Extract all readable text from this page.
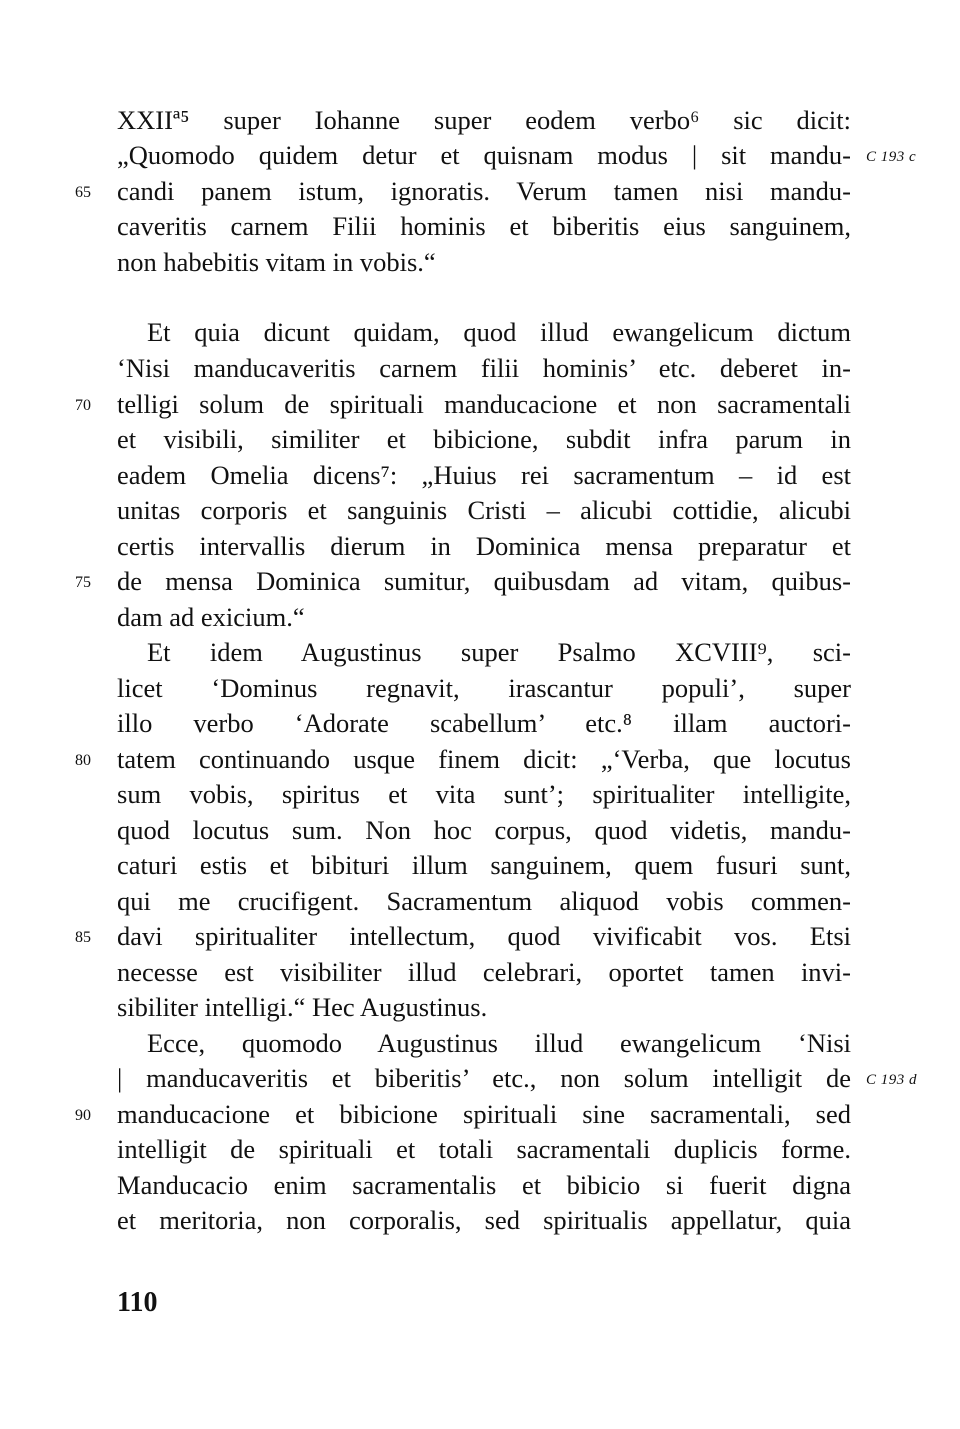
XXIIª⁵ super Iohanne super eodem verbo⁶ sic dicit:
„Quomodo quidem detur et quisnam modus | sit mandu-
candi panem istum, ignoratis. Verum tamen nisi mandu-
caveritis carnem Filii hominis et biberitis eius sanguinem,
non habebitis vitam in vobis.“
Et quia dicunt quidam, quod illud ewangelicum dictum
‘Nisi manducaveritis carnem filii hominis’ etc. deberet in-
telligi solum de spirituali manducacione et non sacramentali
et visibili, similiter et bibicione, subdit infra parum in
eadem Omelia dicens⁷: „Huius rei sacramentum – id est
unitas corporis et sanguinis Cristi – alicubi cottidie, alicubi
certis intervallis dierum in Dominica mensa preparatur et
de mensa Dominica sumitur, quibusdam ad vitam, quibus-
dam ad exicium.“
Et idem Augustinus super Psalmo XCVIII⁹, sci-
licet ‘Dominus regnavit, irascantur populi’, super
illo verbo ‘Adorate scabellum’ etc.⁸ illam auctori-
tatem continuando usque finem dicit: „‘Verba, que locutus
sum vobis, spiritus et vita sunt’; spiritualiter intelligite,
quod locutus sum. Non hoc corpus, quod videtis, mandu-
caturi estis et bibituri illum sanguinem, quem fusuri sunt,
qui me crucifigent. Sacramentum aliquod vobis commen-
davi spiritualiter intellectum, quod vivificabit vos. Etsi
necesse est visibiliter illud celebrari, oportet tamen invi-
sibiliter intelligi.“ Hec Augustinus.
Ecce, quomodo Augustinus illud ewangelicum ‘Nisi
| manducaveritis et biberitis’ etc., non solum intelligit de
manducacione et bibicione spirituali sine sacramentali, sed
intelligit de spirituali et totali sacramentali duplicis forme.
Manducacio enim sacramentalis et bibicio si fuerit digna
et meritoria, non corporalis, sed spiritualis appellatur, quia
65
70
75
80
85
90
C 193 c
C 193 d
110
